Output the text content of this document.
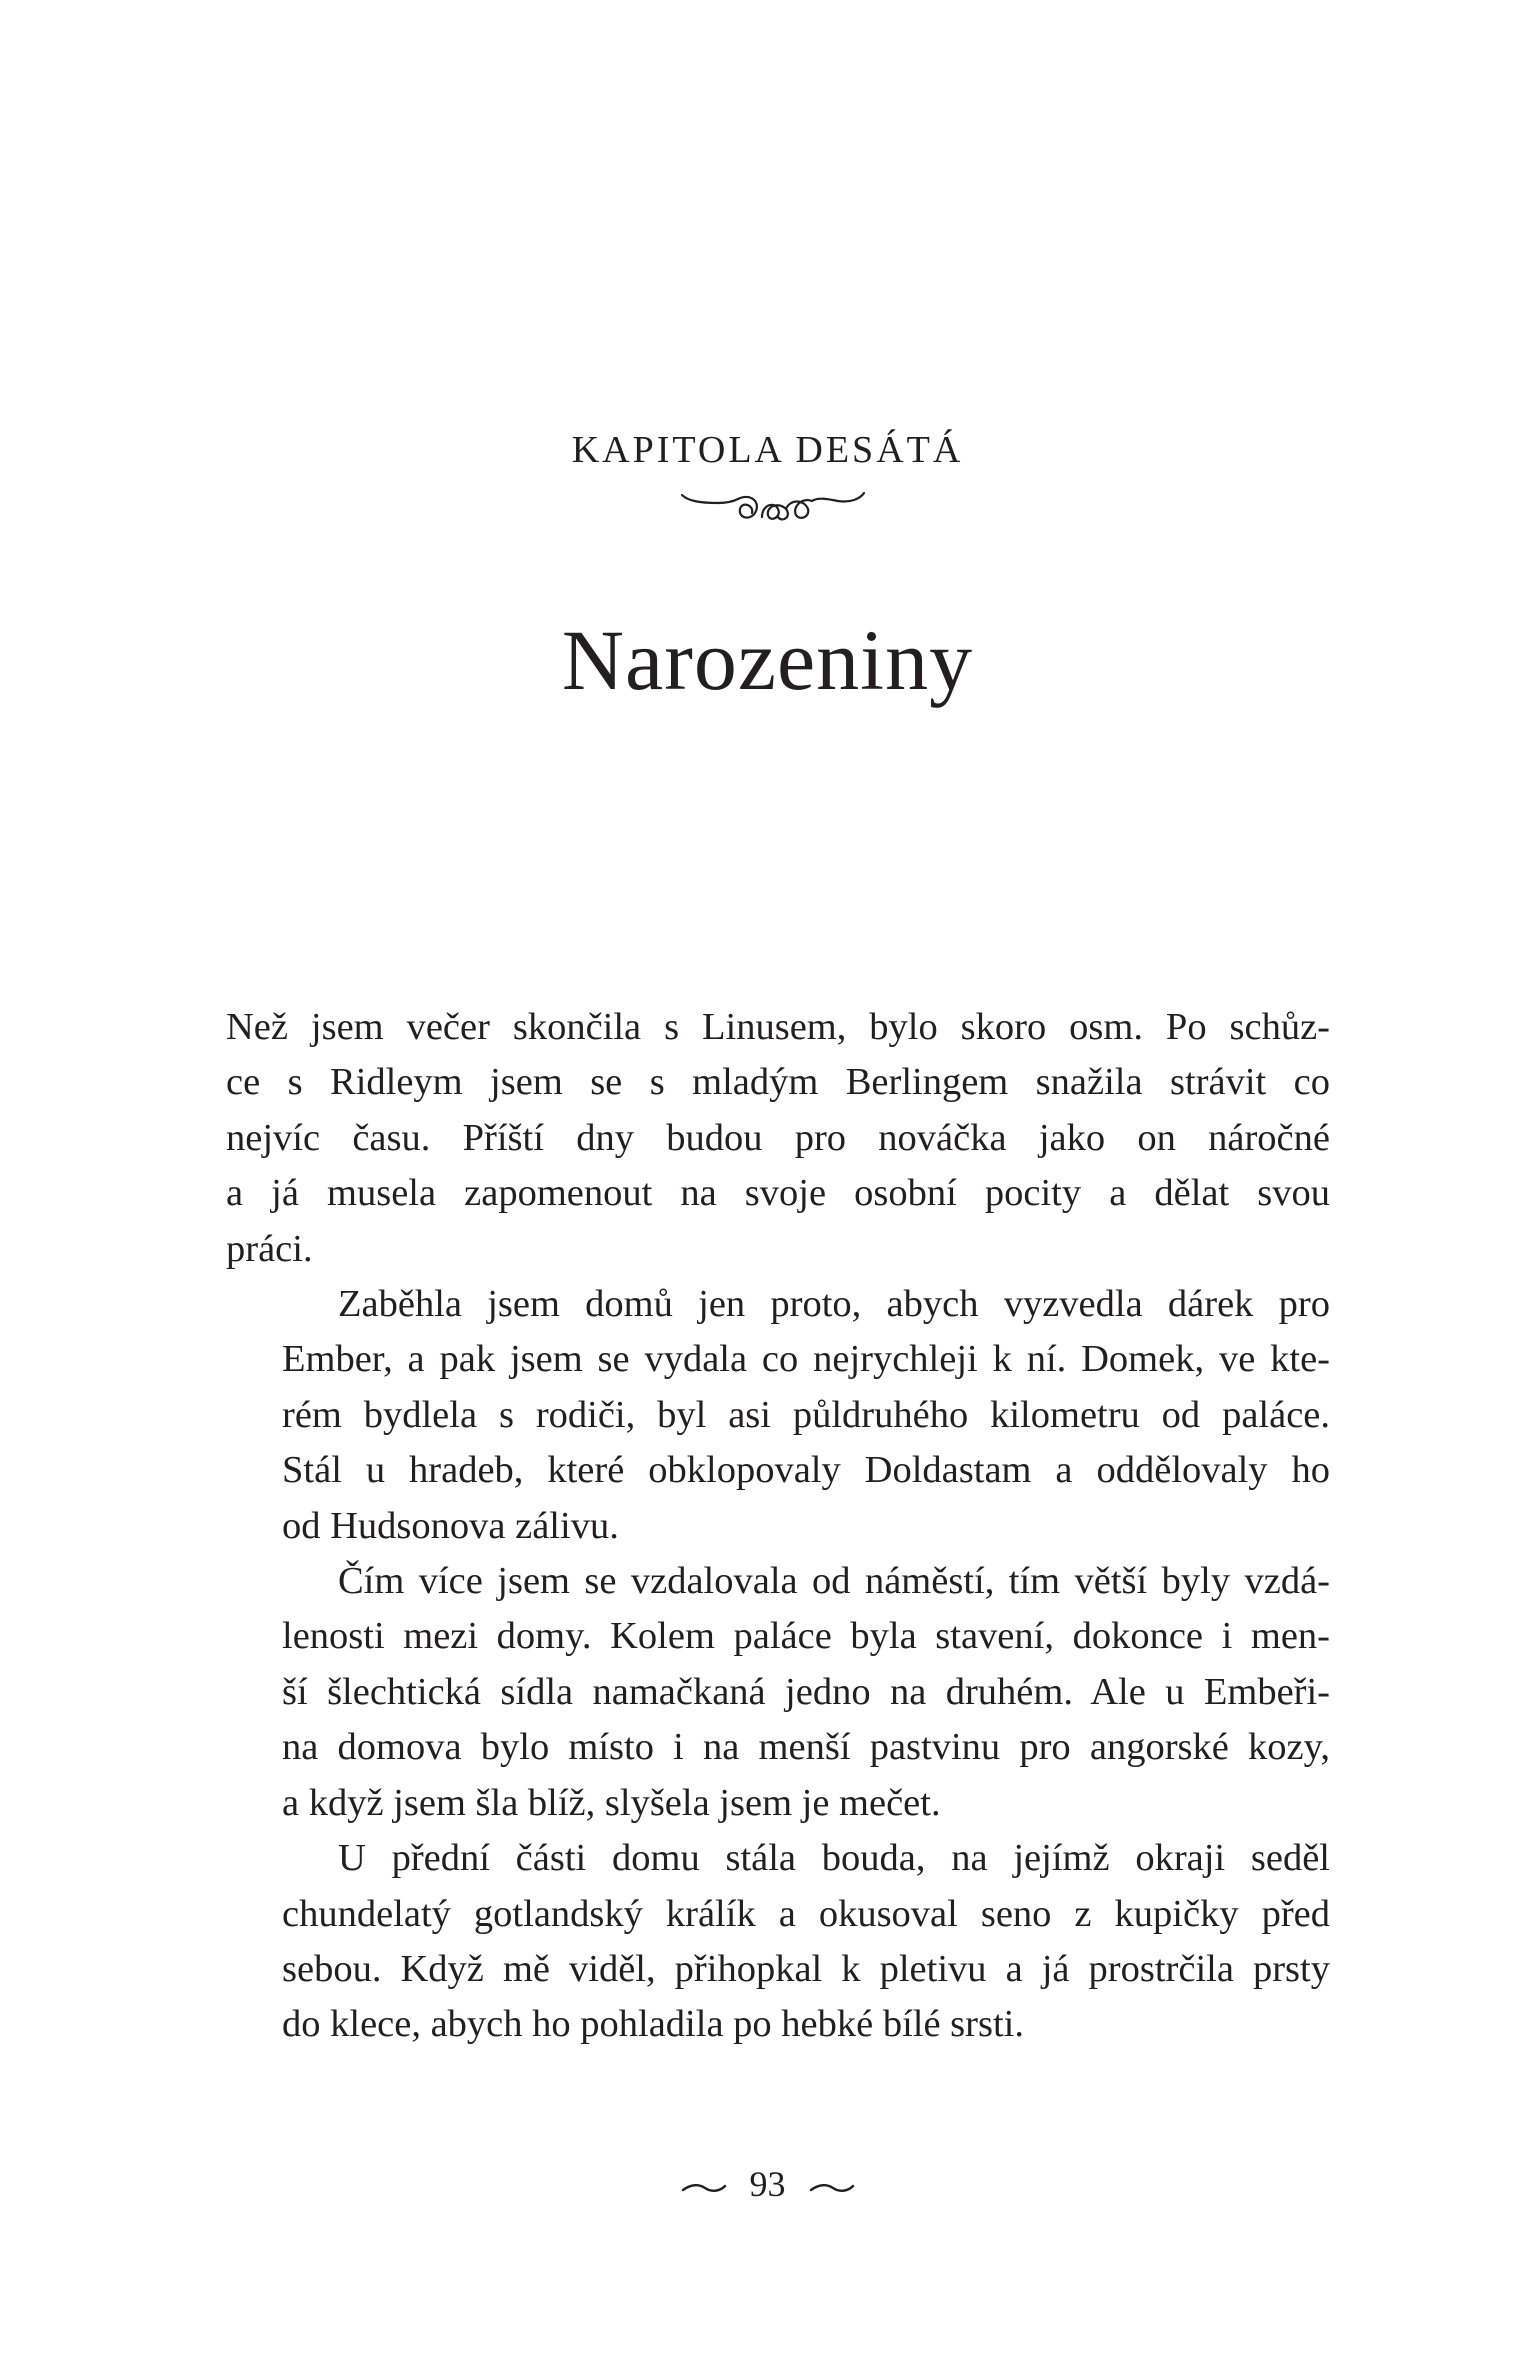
KAPITOLA DESÁTÁ
Narozeniny

Než jsem večer skončila s Linusem, bylo skoro osm. Po schůz-
ce s Ridleym jsem se s mladým Berlingem snažila strávit co
nejvíc času. Příští dny budou pro nováčka jako on náročné
a já musela zapomenout na svoje osobní pocity a dělat svou
práci.

Zaběhla jsem domů jen proto, abych vyzvedla dárek pro
Ember, a pak jsem se vydala co nejrychleji k ní. Domek, ve kte-
rém bydlela s rodiči, byl asi půldruhého kilometru od paláce.
Stál u hradeb, které obklopovaly Doldastam a oddělovaly ho
od Hudsonova zálivu.

Čím více jsem se vzdalovala od náměstí, tím větší byly vzdá-
lenosti mezi domy. Kolem paláce byla stavení, dokonce i men-
ší šlechtická sídla namačkaná jedno na druhém. Ale u Embeři-
na domova bylo místo i na menší pastvinu pro angorské kozy,
a když jsem šla blíž, slyšela jsem je mečet.

U přední části domu stála bouda, na jejímž okraji seděl
chundelatý gotlandský králík a okusoval seno z kupičky před
sebou. Když mě viděl, přihopkal k pletivu a já prostrčila prsty
do klece, abych ho pohladila po hebké bílé srsti.

93
